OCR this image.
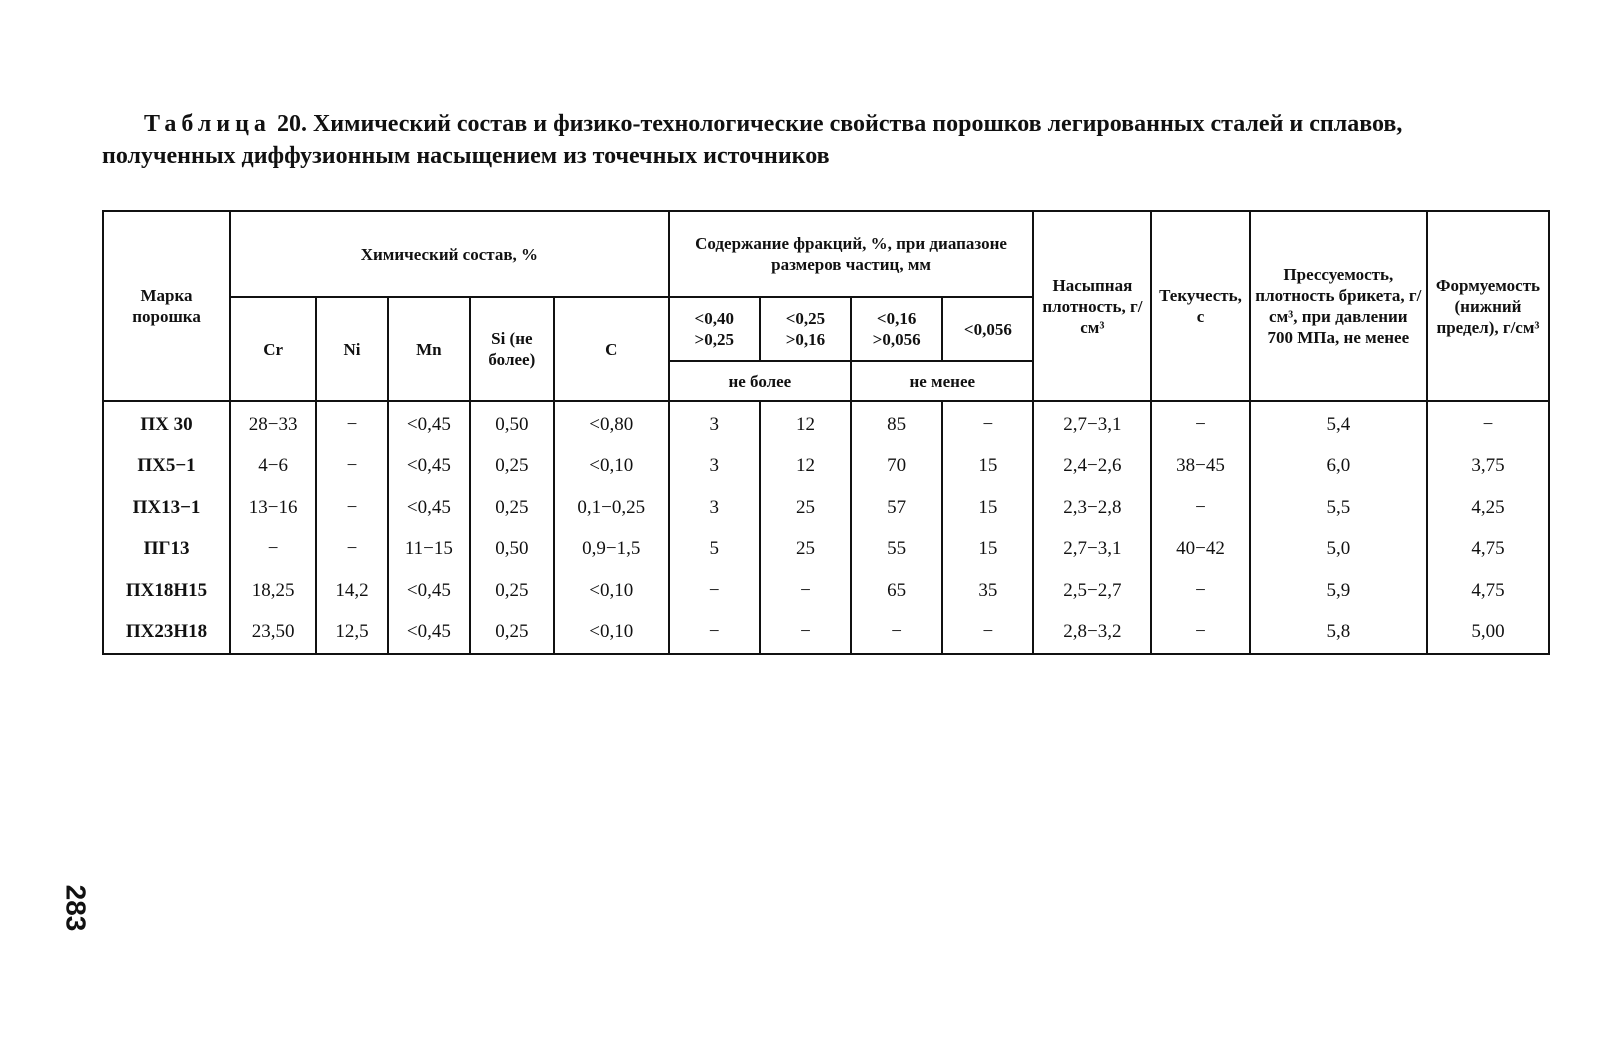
Таблица 20. Химический состав и физико-технологические свойства порошков легированных сталей и сплавов, полученных диффузионным насыщением из точечных источников
Марка порошка	Химический состав, %					Содержание фракций, %, при диапазоне размеров частиц, мм				Насыпная плотность, г/см³	Текучесть, с	Прессуемость, плотность брикета, г/см³, при давлении 700 МПа, не менее	Формуемость (нижний предел), г/см³
	Cr	Ni	Mn	Si (не более)	C	<0,40 >0,25	<0,25 >0,16	<0,16 >0,056	<0,056				
						не более		не менее					
ПХ 30	28−33	−	<0,45	0,50	<0,80	3	12	85	−	2,7−3,1	−	5,4	−
ПХ5−1	4−6	−	<0,45	0,25	<0,10	3	12	70	15	2,4−2,6	38−45	6,0	3,75
ПХ13−1	13−16	−	<0,45	0,25	0,1−0,25	3	25	57	15	2,3−2,8	−	5,5	4,25
ПГ13	−	−	11−15	0,50	0,9−1,5	5	25	55	15	2,7−3,1	40−42	5,0	4,75
ПХ18Н15	18,25	14,2	<0,45	0,25	<0,10	−	−	65	35	2,5−2,7	−	5,9	4,75
ПХ23Н18	23,50	12,5	<0,45	0,25	<0,10	−	−	−	−	2,8−3,2	−	5,8	5,00
283
